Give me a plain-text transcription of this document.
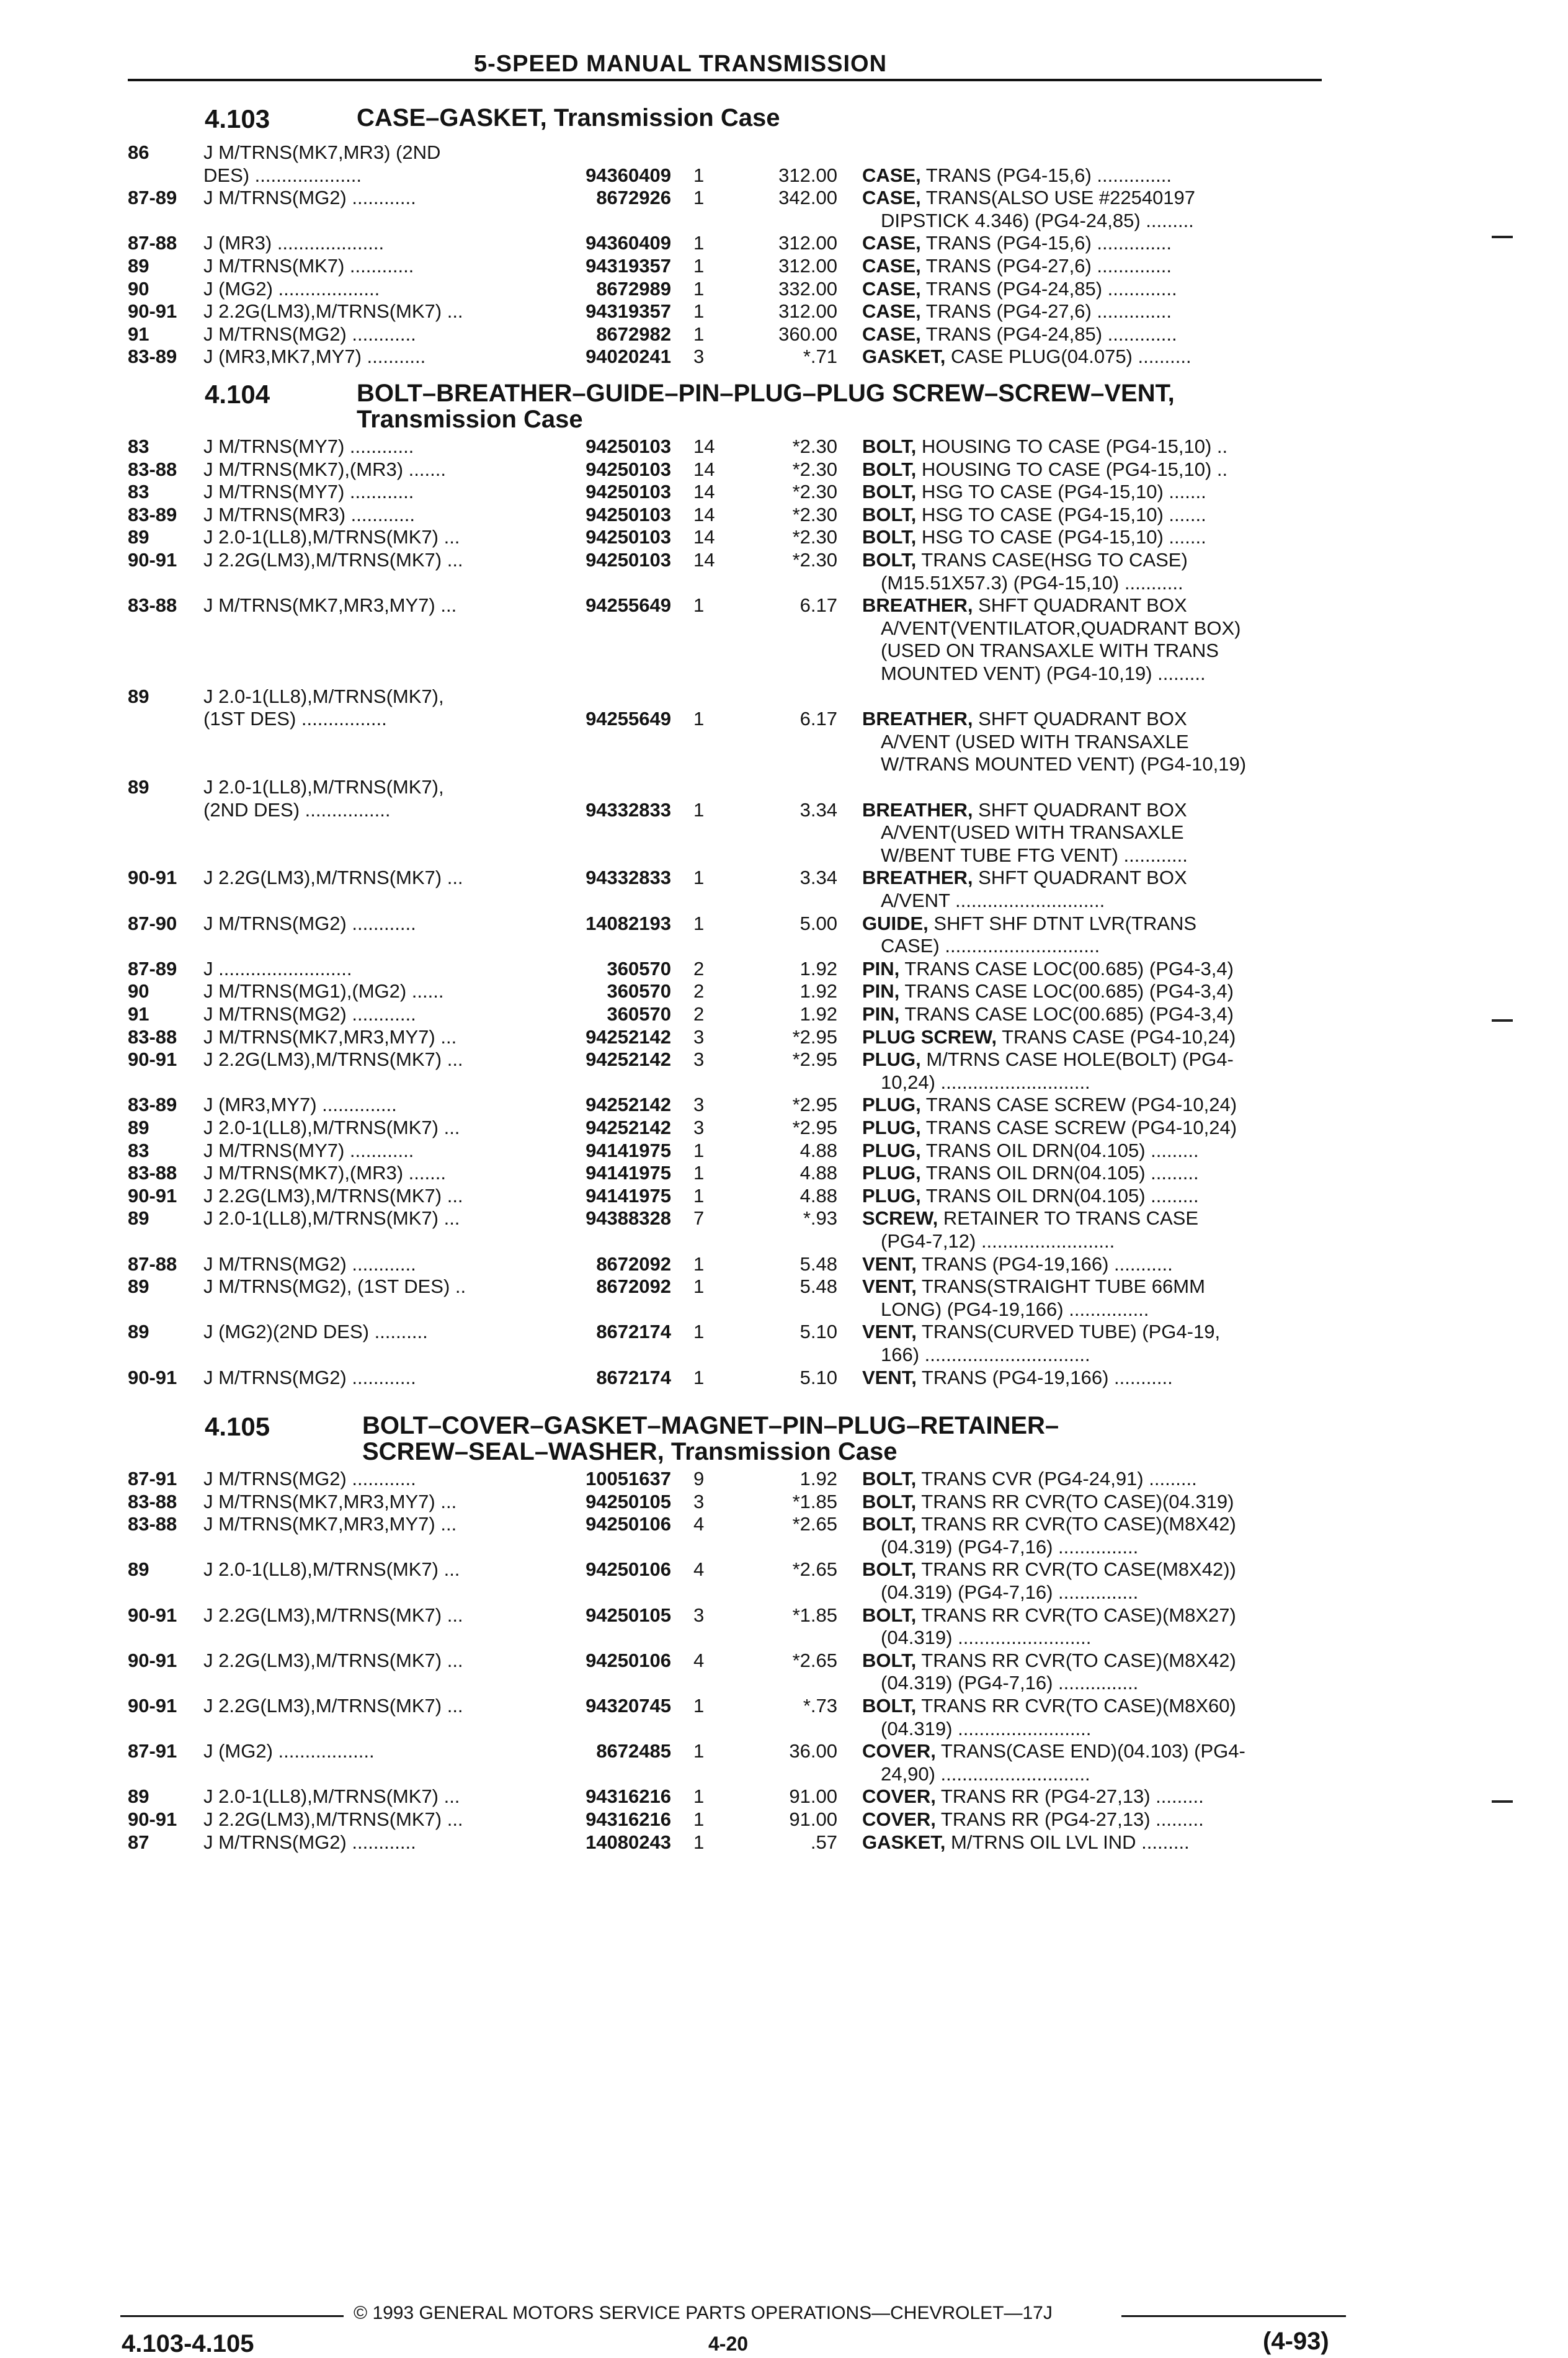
5-SPEED MANUAL TRANSMISSION
4.103	CASE–GASKET, Transmission Case
86	J M/TRNS(MK7,MR3) (2ND
DES) ....................	94360409 1	312.00 CASE, TRANS (PG4-15,6) ..............
87-89 J M/TRNS(MG2) ............	8672926 1	342.00 CASE, TRANS(ALSO USE #22540197
DIPSTICK 4.346) (PG4-24,85) .........
87-88 J (MR3) ....................	94360409 1	312.00 CASE, TRANS (PG4-15,6) ..............
89	J M/TRNS(MK7) ............	94319357 1	312.00 CASE, TRANS (PG4-27,6) ..............
90	J (MG2) ...................	8672989 1	332.00 CASE, TRANS (PG4-24,85) .............
90-91 J 2.2G(LM3),M/TRNS(MK7) ...	94319357 1	312.00 CASE, TRANS (PG4-27,6) ..............
91	J M/TRNS(MG2) ............	8672982 1	360.00 CASE, TRANS (PG4-24,85) .............
83-89 J (MR3,MK7,MY7) ...........	94020241 3	*.71 GASKET, CASE PLUG(04.075) ..........
4.104	BOLT–BREATHER–GUIDE–PIN–PLUG–PLUG SCREW–SCREW–VENT,
Transmission Case
83	J M/TRNS(MY7) ............	94250103 14	*2.30 BOLT, HOUSING TO CASE (PG4-15,10) ..
83-88 J M/TRNS(MK7),(MR3) .......	94250103 14	*2.30 BOLT, HOUSING TO CASE (PG4-15,10) ..
83	J M/TRNS(MY7) ............	94250103 14	*2.30 BOLT, HSG TO CASE (PG4-15,10) .......
83-89 J M/TRNS(MR3) ............	94250103 14	*2.30 BOLT, HSG TO CASE (PG4-15,10) .......
89	J 2.0-1(LL8),M/TRNS(MK7) ...	94250103 14	*2.30 BOLT, HSG TO CASE (PG4-15,10) .......
90-91 J 2.2G(LM3),M/TRNS(MK7) ...	94250103 14	*2.30 BOLT, TRANS CASE(HSG TO CASE)
(M15.51X57.3) (PG4-15,10) ...........
83-88 J M/TRNS(MK7,MR3,MY7) ...	94255649 1	6.17 BREATHER, SHFT QUADRANT BOX
A/VENT(VENTILATOR,QUADRANT BOX)
(USED ON TRANSAXLE WITH TRANS
MOUNTED VENT) (PG4-10,19) .........
89	J 2.0-1(LL8),M/TRNS(MK7),
(1ST DES) ................	94255649 1	6.17 BREATHER, SHFT QUADRANT BOX
A/VENT (USED WITH TRANSAXLE
W/TRANS MOUNTED VENT) (PG4-10,19)
89	J 2.0-1(LL8),M/TRNS(MK7),
(2ND DES) ................	94332833 1	3.34 BREATHER, SHFT QUADRANT BOX
A/VENT(USED WITH TRANSAXLE
W/BENT TUBE FTG VENT) ............
90-91 J 2.2G(LM3),M/TRNS(MK7) ...	94332833 1	3.34 BREATHER, SHFT QUADRANT BOX
A/VENT ............................
87-90 J M/TRNS(MG2) ............	14082193 1	5.00 GUIDE, SHFT SHF DTNT LVR(TRANS
CASE) .............................
87-89 J .........................	360570 2	1.92 PIN, TRANS CASE LOC(00.685) (PG4-3,4)
90	J M/TRNS(MG1),(MG2) ......	360570 2	1.92 PIN, TRANS CASE LOC(00.685) (PG4-3,4)
91	J M/TRNS(MG2) ............	360570 2	1.92 PIN, TRANS CASE LOC(00.685) (PG4-3,4)
83-88 J M/TRNS(MK7,MR3,MY7) ...	94252142 3	*2.95 PLUG SCREW, TRANS CASE (PG4-10,24)
90-91 J 2.2G(LM3),M/TRNS(MK7) ...	94252142 3	*2.95 PLUG, M/TRNS CASE HOLE(BOLT) (PG4-
10,24) ............................
83-89 J (MR3,MY7) ..............	94252142 3	*2.95 PLUG, TRANS CASE SCREW (PG4-10,24)
89	J 2.0-1(LL8),M/TRNS(MK7) ...	94252142 3	*2.95 PLUG, TRANS CASE SCREW (PG4-10,24)
83	J M/TRNS(MY7) ............	94141975 1	4.88 PLUG, TRANS OIL DRN(04.105) .........
83-88 J M/TRNS(MK7),(MR3) .......	94141975 1	4.88 PLUG, TRANS OIL DRN(04.105) .........
90-91 J 2.2G(LM3),M/TRNS(MK7) ...	94141975 1	4.88 PLUG, TRANS OIL DRN(04.105) .........
89	J 2.0-1(LL8),M/TRNS(MK7) ...	94388328 7	*.93 SCREW, RETAINER TO TRANS CASE
(PG4-7,12) .........................
87-88 J M/TRNS(MG2) ............	8672092 1	5.48 VENT, TRANS (PG4-19,166) ...........
89	J M/TRNS(MG2), (1ST DES) ..	8672092 1	5.48 VENT, TRANS(STRAIGHT TUBE 66MM
LONG) (PG4-19,166) ...............
89	J (MG2)(2ND DES) ..........	8672174 1	5.10 VENT, TRANS(CURVED TUBE) (PG4-19,
166) ...............................
90-91 J M/TRNS(MG2) ............	8672174 1	5.10 VENT, TRANS (PG4-19,166) ...........
4.105	BOLT–COVER–GASKET–MAGNET–PIN–PLUG–RETAINER–
SCREW–SEAL–WASHER, Transmission Case
87-91 J M/TRNS(MG2) ............	10051637 9	1.92 BOLT, TRANS CVR (PG4-24,91) .........
83-88 J M/TRNS(MK7,MR3,MY7) ...	94250105 3	*1.85 BOLT, TRANS RR CVR(TO CASE)(04.319)
83-88 J M/TRNS(MK7,MR3,MY7) ...	94250106 4	*2.65 BOLT, TRANS RR CVR(TO CASE)(M8X42)
(04.319) (PG4-7,16) ...............
89	J 2.0-1(LL8),M/TRNS(MK7) ...	94250106 4	*2.65 BOLT, TRANS RR CVR(TO CASE(M8X42))
(04.319) (PG4-7,16) ...............
90-91 J 2.2G(LM3),M/TRNS(MK7) ...	94250105 3	*1.85 BOLT, TRANS RR CVR(TO CASE)(M8X27)
(04.319) .........................
90-91 J 2.2G(LM3),M/TRNS(MK7) ...	94250106 4	*2.65 BOLT, TRANS RR CVR(TO CASE)(M8X42)
(04.319) (PG4-7,16) ...............
90-91 J 2.2G(LM3),M/TRNS(MK7) ...	94320745 1	*.73 BOLT, TRANS RR CVR(TO CASE)(M8X60)
(04.319) .........................
87-91 J (MG2) ..................	8672485 1	36.00 COVER, TRANS(CASE END)(04.103) (PG4-
24,90) ............................
89	J 2.0-1(LL8),M/TRNS(MK7) ...	94316216 1	91.00 COVER, TRANS RR (PG4-27,13) .........
90-91 J 2.2G(LM3),M/TRNS(MK7) ...	94316216 1	91.00 COVER, TRANS RR (PG4-27,13) .........
87	J M/TRNS(MG2) ............	14080243 1	.57 GASKET, M/TRNS OIL LVL IND .........
© 1993 GENERAL MOTORS SERVICE PARTS OPERATIONS—CHEVROLET—17J
4.103-4.105	4-20	(4-93)
